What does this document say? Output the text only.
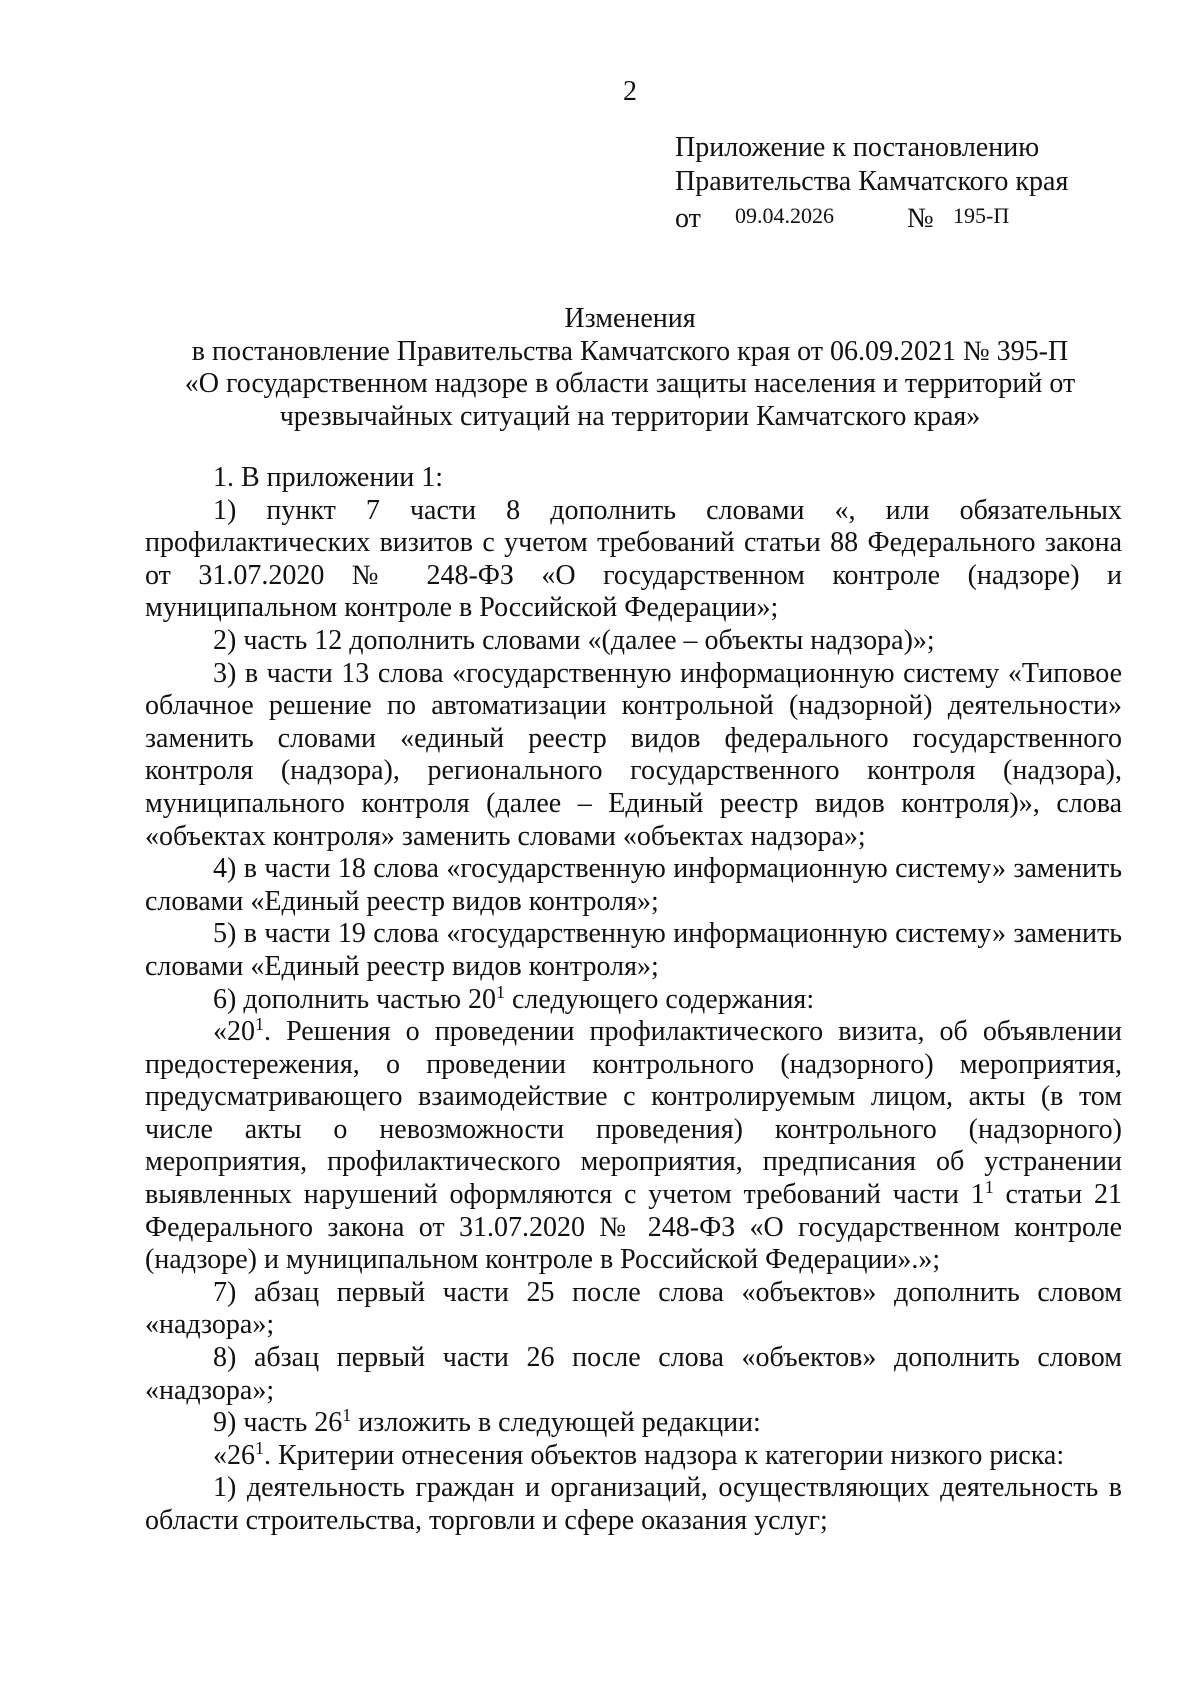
2
Приложение к постановлению
Правительства Камчатского края
от 09.04.2026	№ 195-П
Изменения
в постановление Правительства Камчатского края от 06.09.2021 № 395-П
«О государственном надзоре в области защиты населения и территорий от
чрезвычайных ситуаций на территории Камчатского края»

1. В приложении 1:

1) пункт 7 части 8 дополнить словами «, или обязательных профилактических визитов с учетом требований статьи 88 Федерального закона от 31.07.2020 № 248-ФЗ «О государственном контроле (надзоре) и муниципальном контроле в Российской Федерации»;

2) часть 12 дополнить словами «(далее – объекты надзора)»;

3) в части 13 слова «государственную информационную систему «Типовое облачное решение по автоматизации контрольной (надзорной) деятельности» заменить словами «единый реестр видов федерального государственного контроля (надзора), регионального государственного контроля (надзора), муниципального контроля (далее – Единый реестр видов контроля)», слова «объектах контроля» заменить словами «объектах надзора»;

4) в части 18 слова «государственную информационную систему» заменить словами «Единый реестр видов контроля»;

5) в части 19 слова «государственную информационную систему» заменить словами «Единый реестр видов контроля»;

6) дополнить частью $20^1$ следующего содержания:

«$20^1$. Решения о проведении профилактического визита, об объявлении предостережения, о проведении контрольного (надзорного) мероприятия, предусматривающего взаимодействие с контролируемым лицом, акты (в том числе акты о невозможности проведения) контрольного (надзорного) мероприятия, профилактического мероприятия, предписания об устранении выявленных нарушений оформляются с учетом требований части $1^1$ статьи 21 Федерального закона от 31.07.2020 № 248-ФЗ «О государственном контроле (надзоре) и муниципальном контроле в Российской Федерации».»;

7) абзац первый части 25 после слова «объектов» дополнить словом «надзора»;

8) абзац первый части 26 после слова «объектов» дополнить словом «надзора»;

9) часть $26^1$ изложить в следующей редакции:

«$26^1$. Критерии отнесения объектов надзора к категории низкого риска:

1) деятельность граждан и организаций, осуществляющих деятельность в области строительства, торговли и сфере оказания услуг;
